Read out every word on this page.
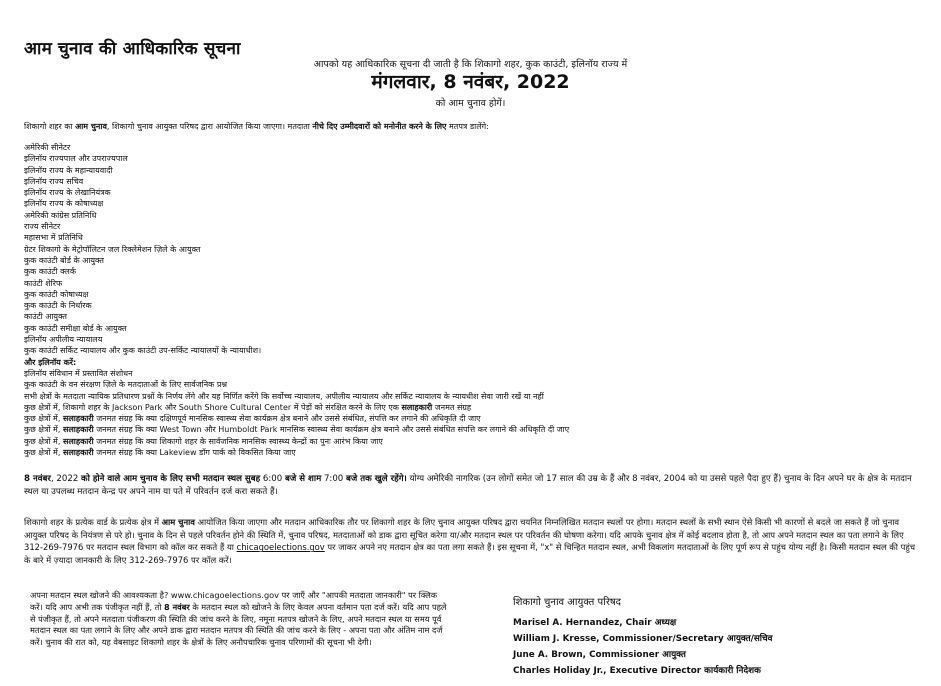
आम चुनाव की आधिकारिक सूचना
आपको यह आधिकारिक सूचना दी जाती है कि शिकागो शहर, कुक काउंटी, इलिनॉय राज्य में
मंगलवार, 8 नवंबर, 2022
को आम चुनाव होगें।
शिकागो शहर का आम चुनाव, शिकागो चुनाव आयुक्त परिषद द्वारा आयोजित किया जाएगा। मतदाता नीचे दिए उम्मीदवारों को मनोनीत करने के लिए मतपत्र डालेंगे:
अमेरिकी सीनेटर
इलिनॉय राज्यपाल और उपराज्यपाल
इलिनॉय राज्य के महान्यायवादी
इलिनॉय राज्य सचिव
इलिनॉय राज्य के लेखानियंत्रक
इलिनॉय राज्य के कोषाध्यक्ष
अमेरिकी कांग्रेस प्रतिनिधि
राज्य सीनेटर
महासभा में प्रतिनिधि
ग्रेटर शिकागो के मेट्रोपॉलिटन जल रिक्लेमेशन ज़िले के आयुक्त
कुक काउंटी बोर्ड के आयुक्त
कुक काउंटी क्लर्क
काउंटी शेरिफ
कुक काउंटी कोषाध्यक्ष
कुक काउंटी के निर्धारक
काउंटी आयुक्त
कुक काउंटी समीक्षा बोर्ड के आयुक्त
इलिनॉय अपीलीय न्यायालय
कुक काउंटी सर्किट न्यायालय और कुक काउंटी उप-सर्किट न्यायालयों के न्यायाधीश।
और इलिनॉय करें:
इलिनॉय संविधान में प्रस्तावित संशोधन
कुक काउंटी के वन संरक्षण ज़िले के मतदाताओं के लिए सार्वजनिक प्रश्न
सभी क्षेत्रों के मतदाता न्यायिक प्रतिधारण प्रश्नों के निर्णय लेंगे और यह निर्णित करेंगे कि सर्वोच्च न्यायालय, अपीलीय न्यायालय और सर्किट न्यायालय के न्यायधीश सेवा जारी रखें या नहीं
कुछ क्षेत्रों में, शिकागो शहर के Jackson Park और South Shore Cultural Center में पेड़ों को संरक्षित करने के लिए एक सलाहकारी जनमत संग्रह
कुछ क्षेत्रों में, सलाहकारी जनमत संग्रह कि क्या दक्षिणपूर्व मानसिक स्वास्थ्य सेवा कार्यक्रम क्षेत्र बनाने और उससे संबंधित, संपत्ति कर लगाने की अधिकृति दी जाए
कुछ क्षेत्रों में, सलाहकारी जनमत संग्रह कि क्या West Town और Humboldt Park मानसिक स्वास्थ्य सेवा कार्यक्रम क्षेत्र बनाने और उससे संबंधित संपत्ति कर लगाने की अधिकृति दी जाए
कुछ क्षेत्रों में, सलाहकारी जनमत संग्रह कि क्या शिकागो शहर के सार्वजनिक मानसिक स्वास्थ्य केन्द्रों का पुनः आरंभ किया जाए
कुछ क्षेत्रों में, सलाहकारी जनमत संग्रह कि क्या Lakeview डॉग पार्क को विकसित किया जाए
8 नवंबर, 2022 को होने वाले आम चुनाव के लिए सभी मतदान स्थल सुबह 6:00 बजे से शाम 7:00 बजे तक खुले रहेंगे। योग्य अमेरिकी नागरिक (उन लोगों समेत जो 17 साल की उम्र के हैं और 8 नवंबर, 2004 को या उससे पहले पैदा हुए हैं) चुनाव के दिन अपने घर के क्षेत्र के मतदान स्थल या उपलब्ध मतदान केन्द्र पर अपने नाम या पते में परिवर्तन दर्ज करा सकते हैं।
शिकागो शहर के प्रत्येक वार्ड के प्रत्येक क्षेत्र में आम चुनाव आयोजित किया जाएगा और मतदान आधिकारिक तौर पर शिकागो शहर के लिए चुनाव आयुक्त परिषद द्वारा चयनित निम्नलिखित मतदान स्थलों पर होगा। मतदान स्थलों के सभी स्थान ऐसे किसी भी कारणों से बदले जा सकते हैं जो चुनाव आयुक्त परिषद के नियंत्रण से परे हो। चुनाव के दिन से पहले परिवर्तन होने की स्थिति में, चुनाव परिषद, मतदाताओं को डाक द्वारा सूचित करेगा या/और मतदान स्थल पर परिवर्तन की घोषणा करेगा। यदि आपके चुनाव क्षेत्र में कोई बदलाव होता है, तो आप अपने मतदान स्थल का पता लगाने के लिए 312-269-7976 पर मतदान स्थल विभाग को कॉल कर सकते हैं या chicagoelections.gov पर जाकर अपने नए मतदान क्षेत्र का पता लगा सकते हैं। इस सूचना में, "x" से चिन्हित मतदान स्थल, अभी विकलांग मतदाताओं के लिए पूर्ण रूप से पहुंच योग्य नहीं है। किसी मतदान स्थल की पहुंच के बारे में ज़्यादा जानकारी के लिए 312-269-7976 पर कॉल करें।
अपना मतदान स्थल खोजने की आवश्यकता है? www.chicagoelections.gov पर जाएँ और "आपकी मतदाता जानकारी" पर क्लिक करें। यदि आप अभी तक पंजीकृत नहीं हैं, तो 8 नवंबर के मतदान स्थल को खोजने के लिए केवल अपना वर्तमान पता दर्ज करें। यदि आप पहले से पंजीकृत हैं, तो अपने मतदाता पंजीकरण की स्थिति की जांच करने के लिए, नमूना मतपत्र खोजने के लिए, अपने मतदान स्थल या समय पूर्व मतदान स्थल का पता लगाने के लिए और अपने डाक द्वारा मतदान मतपत्र की स्थिति की जांच करने के लिए - अपना पता और अंतिम नाम दर्ज करें। चुनाव की रात को, यह वेबसाइट शिकागो शहर के क्षेत्रों के लिए अनौपचारिक चुनाव परिणामों की सूचना भी देगी।
शिकागो चुनाव आयुक्त परिषद
Marisel A. Hernandez, Chair अध्यक्ष
William J. Kresse, Commissioner/Secretary आयुक्त/सचिव
June A. Brown, Commissioner आयुक्त
Charles Holiday Jr., Executive Director कार्यकारी निदेशक
